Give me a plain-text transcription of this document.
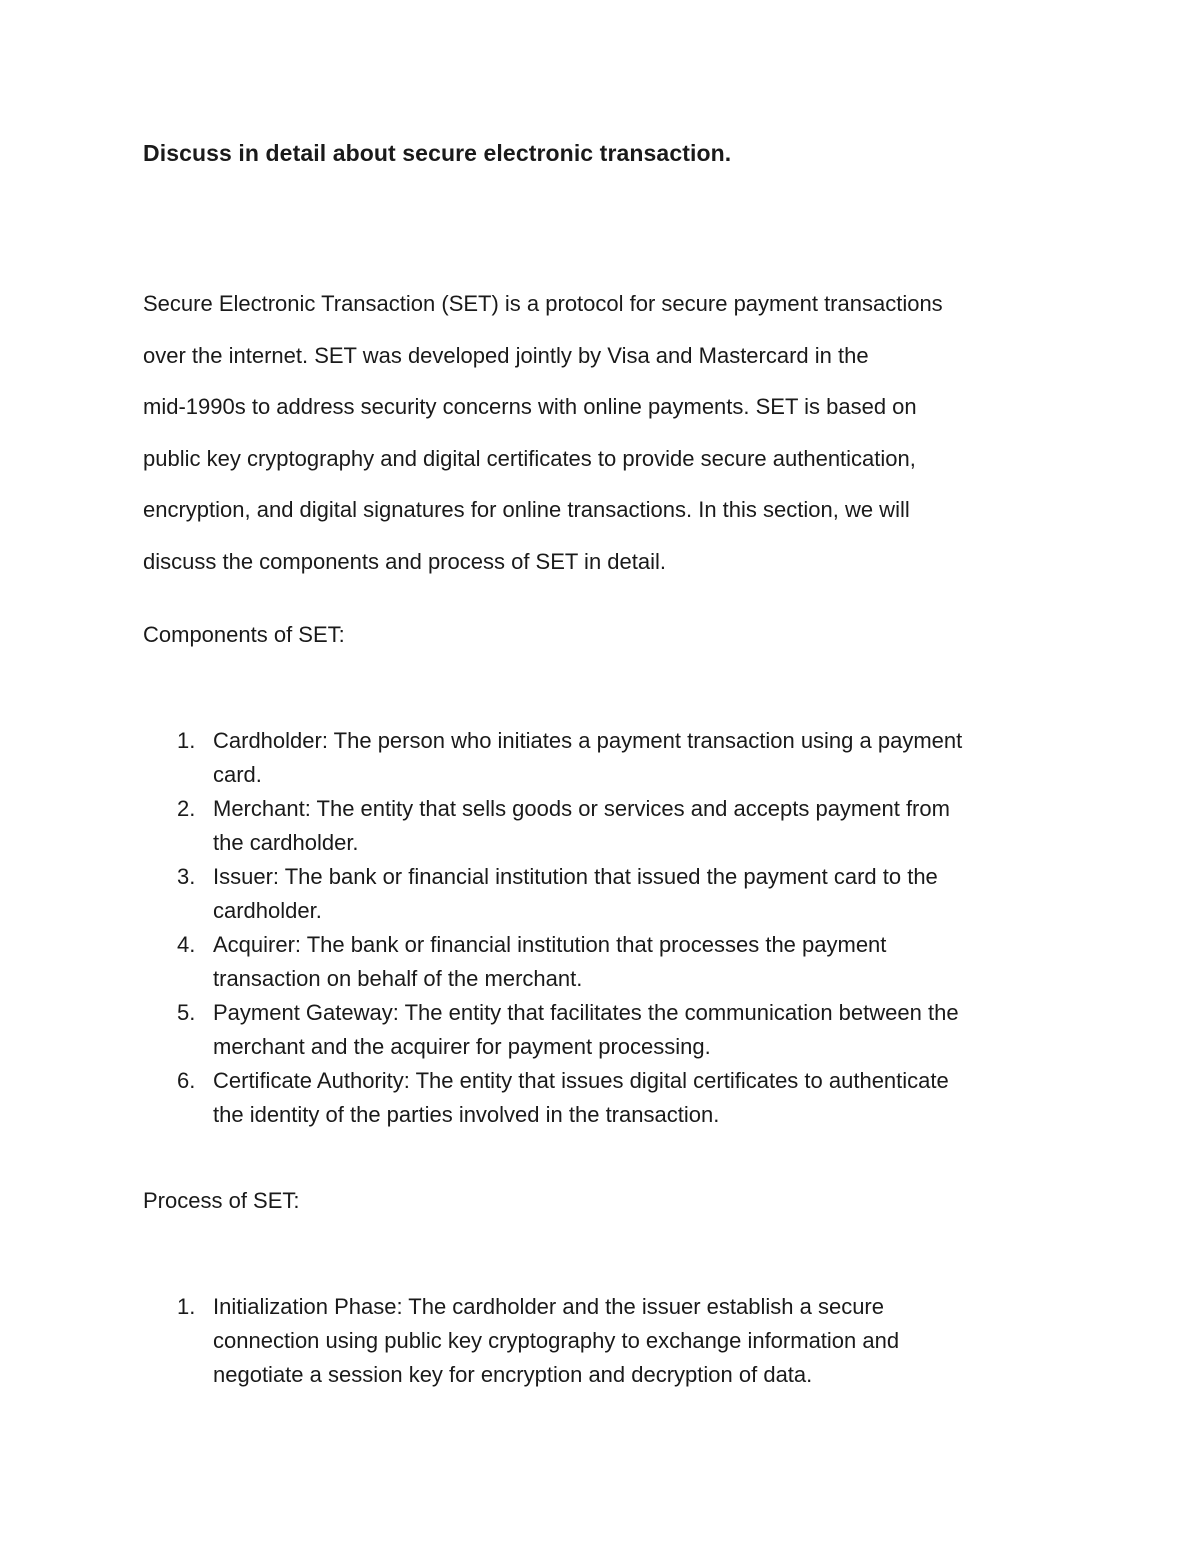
Discuss in detail about secure electronic transaction.

Secure Electronic Transaction (SET) is a protocol for secure payment transactions
over the internet. SET was developed jointly by Visa and Mastercard in the
mid-1990s to address security concerns with online payments. SET is based on
public key cryptography and digital certificates to provide secure authentication,
encryption, and digital signatures for online transactions. In this section, we will
discuss the components and process of SET in detail.

Components of SET:
1. Cardholder: The person who initiates a payment transaction using a payment
card.
2. Merchant: The entity that sells goods or services and accepts payment from
the cardholder.
3. Issuer: The bank or financial institution that issued the payment card to the
cardholder.
4. Acquirer: The bank or financial institution that processes the payment
transaction on behalf of the merchant.
5. Payment Gateway: The entity that facilitates the communication between the
merchant and the acquirer for payment processing.
6. Certificate Authority: The entity that issues digital certificates to authenticate
the identity of the parties involved in the transaction.
Process of SET:
1. Initialization Phase: The cardholder and the issuer establish a secure
connection using public key cryptography to exchange information and
negotiate a session key for encryption and decryption of data.
